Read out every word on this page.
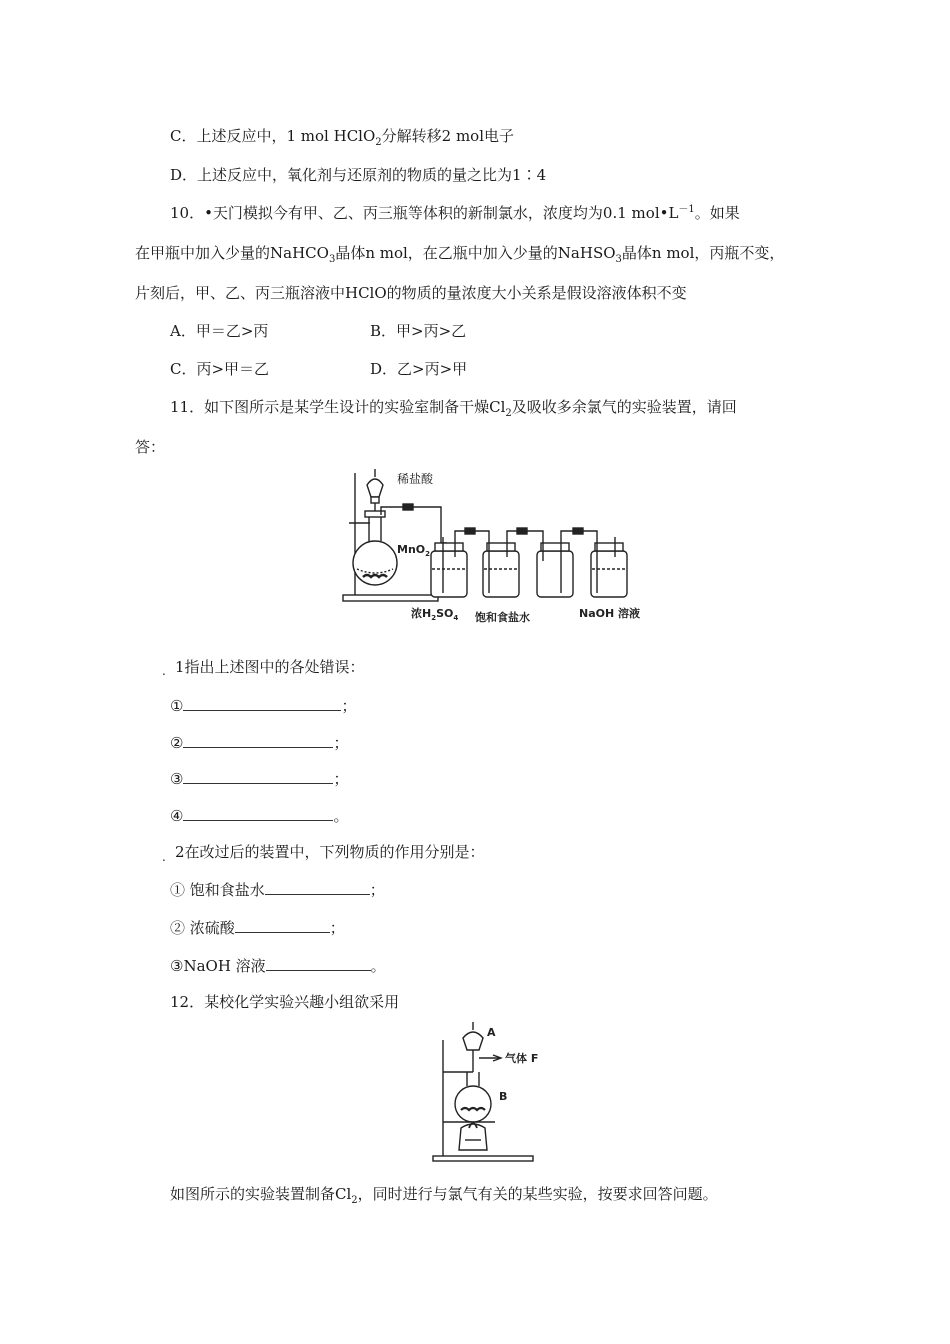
C．上述反应中，1 mol HClO$_2$分解转移2 mol电子
D．上述反应中，氧化剂与还原剂的物质的量之比为1∶4
10．•天门模拟今有甲、乙、丙三瓶等体积的新制氯水，浓度均为0.1 $mol•L^{-1}$。如果
在甲瓶中加入少量的NaHCO$_3$晶体n mol，在乙瓶中加入少量的NaHSO$_3$晶体n mol，丙瓶不变，
片刻后，甲、乙、丙三瓶溶液中HClO的物质的量浓度大小关系是假设溶液体积不变
A．甲＝乙>丙	B．甲>丙>乙
C．丙>甲＝乙	D．乙>丙>甲
11．如下图所示是某学生设计的实验室制备干燥$Cl_2$及吸收多余氯气的实验装置，请回
答：
稀盐酸
MnO$_2$
浓$H_2SO_4$ 饱和食盐水	NaOH 溶液
. 1指出上述图中的各处错误：
①	；
②	；
③	；
④	。
. 2在改过后的装置中，下列物质的作用分别是：
① 饱和食盐水	；
② 浓硫酸	；
③NaOH 溶液	。
12．某校化学实验兴趣小组欲采用
A
气体 F
B
如图所示的实验装置制备$Cl_2$，同时进行与氯气有关的某些实验，按要求回答问题。
